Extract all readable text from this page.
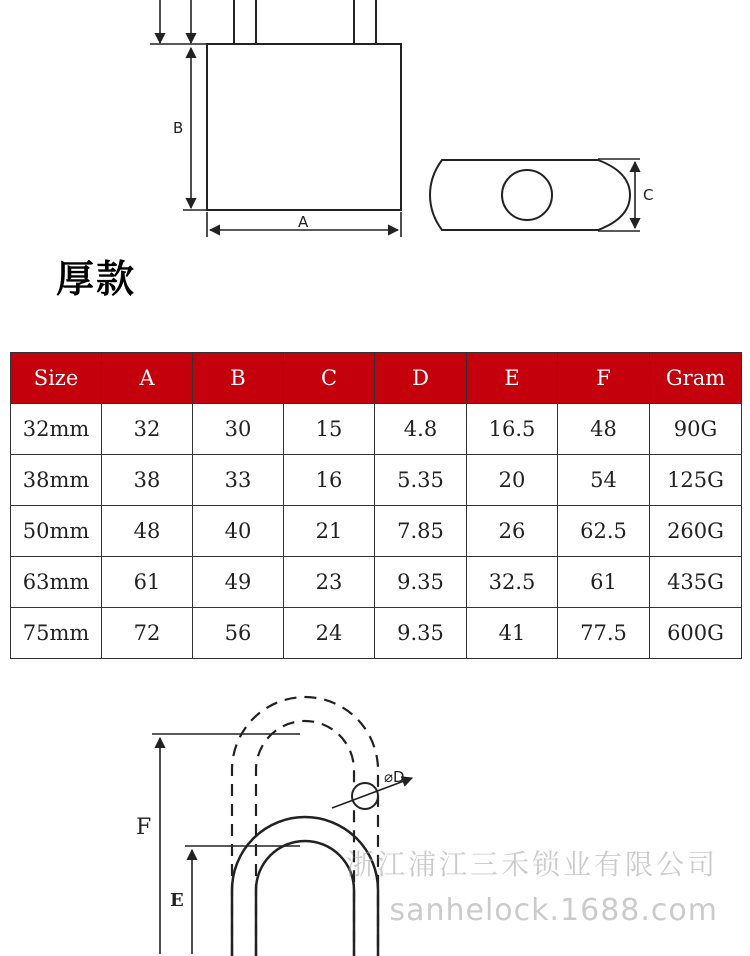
B
A
C
厚款
Size	A	B	C	D	E	F	Gram
32mm	32	30	15	4.8	16.5	48	90G
38mm	38	33	16	5.35	20	54	125G
50mm	48	40	21	7.85	26	62.5	260G
63mm	61	49	23	9.35	32.5	61	435G
75mm	72	56	24	9.35	41	77.5	600G
F
E
⌀D
浙江浦江三禾锁业有限公司
sanhelock.1688.com
